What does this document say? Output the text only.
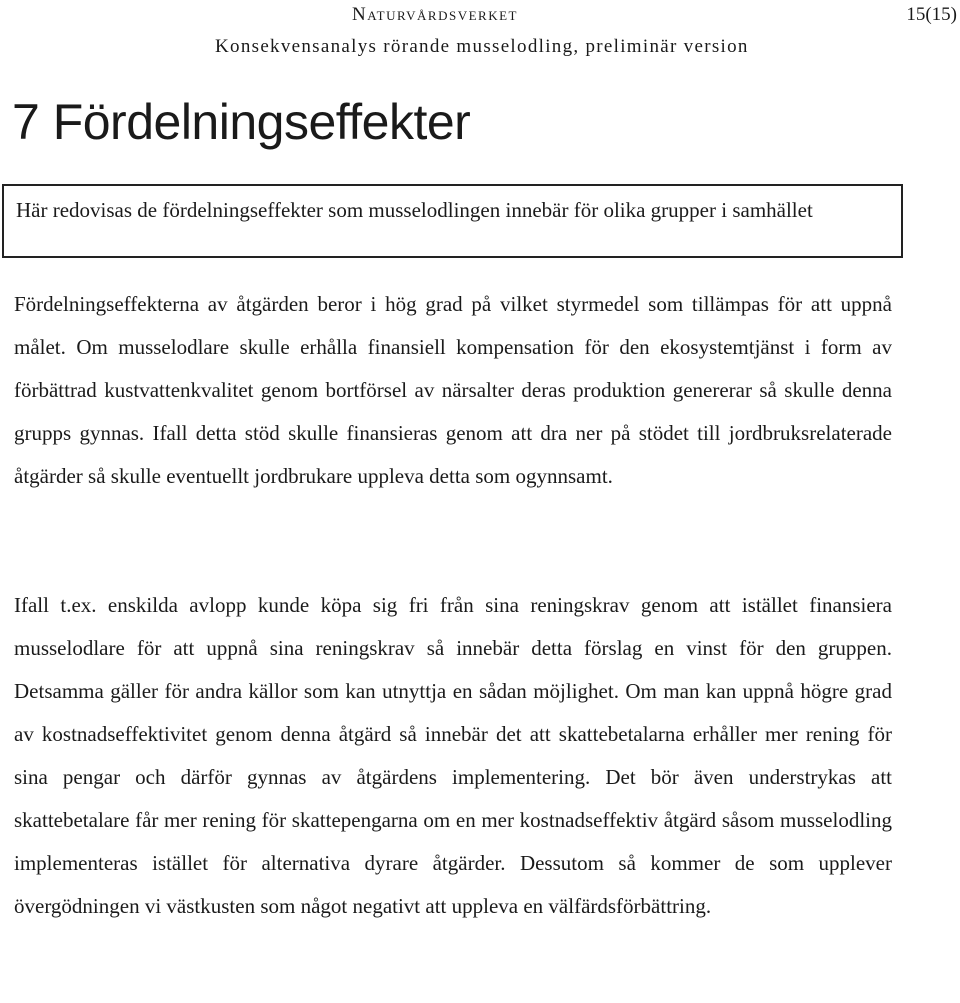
Naturvårdsverket	15(15)
Konsekvensanalys rörande musselodling, preliminär version
7 Fördelningseffekter
Här redovisas de fördelningseffekter som musselodlingen innebär för olika grupper i samhället

Fördelningseffekterna av åtgärden beror i hög grad på vilket styrmedel som tillämpas för att uppnå målet. Om musselodlare skulle erhålla finansiell kompensation för den ekosystemtjänst i form av förbättrad kustvattenkvalitet genom bortförsel av närsalter deras produktion genererar så skulle denna grupps gynnas. Ifall detta stöd skulle finansieras genom att dra ner på stödet till jordbruksrelaterade åtgärder så skulle eventuellt jordbrukare uppleva detta som ogynnsamt.

Ifall t.ex. enskilda avlopp kunde köpa sig fri från sina reningskrav genom att istället finansiera musselodlare för att uppnå sina reningskrav så innebär detta förslag en vinst för den gruppen. Detsamma gäller för andra källor som kan utnyttja en sådan möjlighet. Om man kan uppnå högre grad av kostnadseffektivitet genom denna åtgärd så innebär det att skattebetalarna erhåller mer rening för sina pengar och därför gynnas av åtgärdens implementering. Det bör även understrykas att skattebetalare får mer rening för skattepengarna om en mer kostnadseffektiv åtgärd såsom musselodling implementeras istället för alternativa dyrare åtgärder. Dessutom så kommer de som upplever övergödningen vi västkusten som något negativt att uppleva en välfärdsförbättring.
